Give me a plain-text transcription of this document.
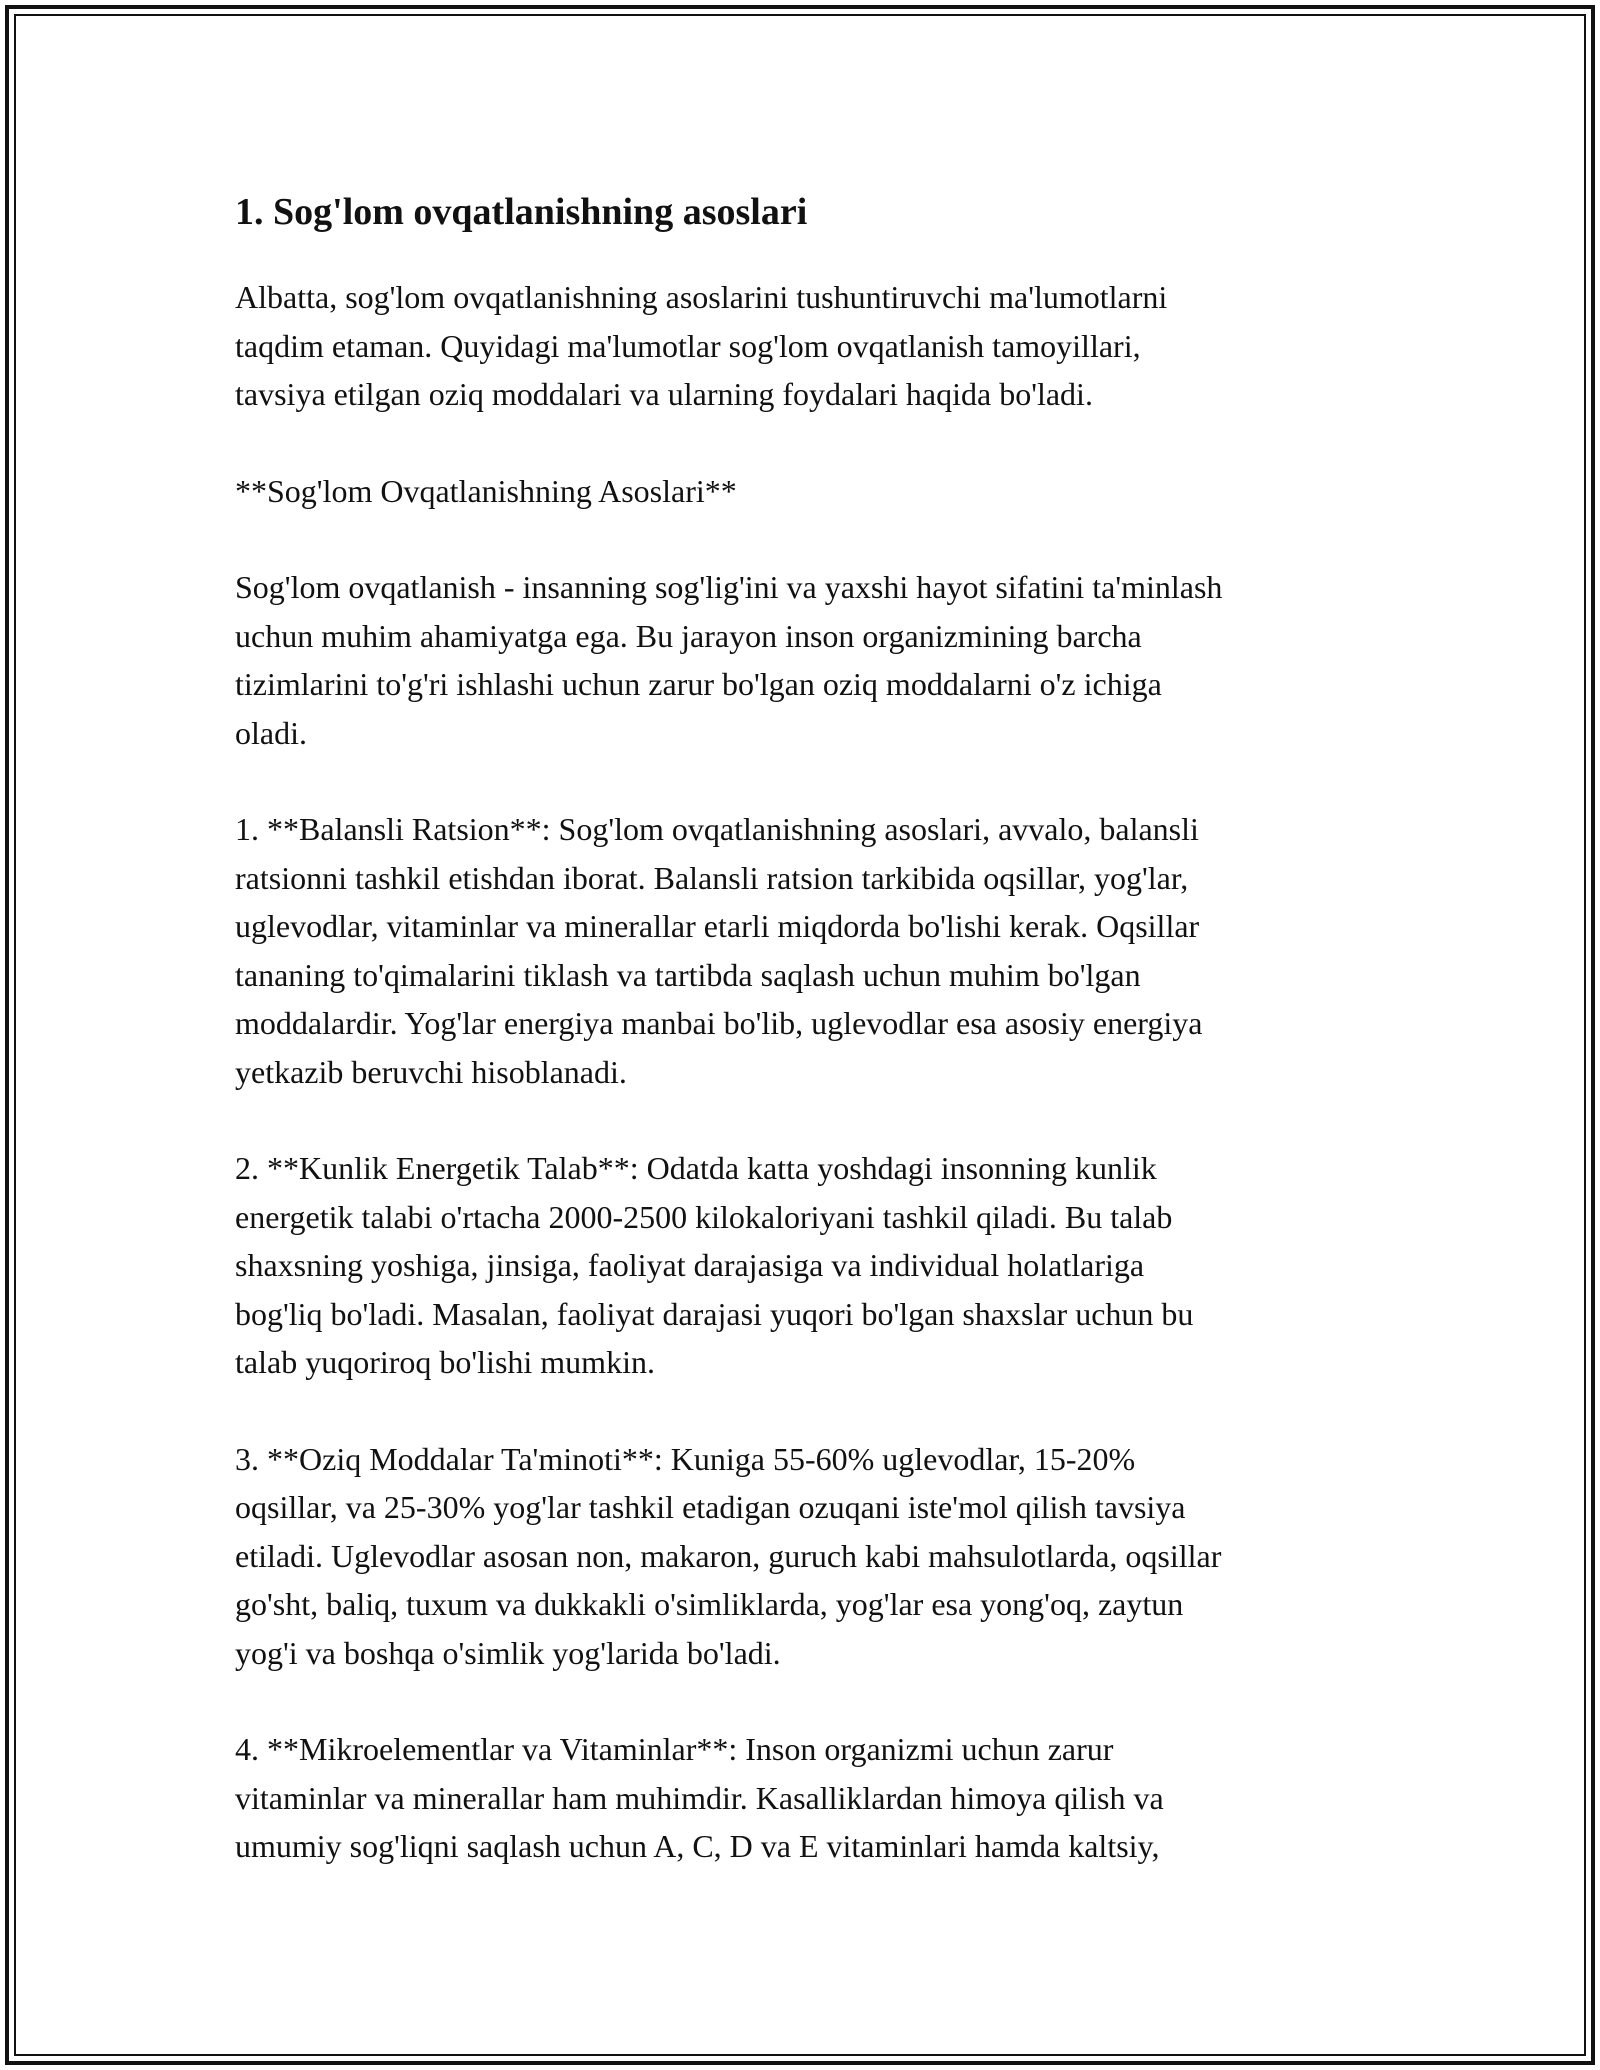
1. Sog'lom ovqatlanishning asoslari

Albatta, sog'lom ovqatlanishning asoslarini tushuntiruvchi ma'lumotlarni
taqdim etaman. Quyidagi ma'lumotlar sog'lom ovqatlanish tamoyillari,
tavsiya etilgan oziq moddalari va ularning foydalari haqida bo'ladi.

**Sog'lom Ovqatlanishning Asoslari**

Sog'lom ovqatlanish - insanning sog'lig'ini va yaxshi hayot sifatini ta'minlash
uchun muhim ahamiyatga ega. Bu jarayon inson organizmining barcha
tizimlarini to'g'ri ishlashi uchun zarur bo'lgan oziq moddalarni o'z ichiga
oladi.

1. **Balansli Ratsion**: Sog'lom ovqatlanishning asoslari, avvalo, balansli
ratsionni tashkil etishdan iborat. Balansli ratsion tarkibida oqsillar, yog'lar,
uglevodlar, vitaminlar va minerallar etarli miqdorda bo'lishi kerak. Oqsillar
tananing to'qimalarini tiklash va tartibda saqlash uchun muhim bo'lgan
moddalardir. Yog'lar energiya manbai bo'lib, uglevodlar esa asosiy energiya
yetkazib beruvchi hisoblanadi.

2. **Kunlik Energetik Talab**: Odatda katta yoshdagi insonning kunlik
energetik talabi o'rtacha 2000-2500 kilokaloriyani tashkil qiladi. Bu talab
shaxsning yoshiga, jinsiga, faoliyat darajasiga va individual holatlariga
bog'liq bo'ladi. Masalan, faoliyat darajasi yuqori bo'lgan shaxslar uchun bu
talab yuqoriroq bo'lishi mumkin.

3. **Oziq Moddalar Ta'minoti**: Kuniga 55-60% uglevodlar, 15-20%
oqsillar, va 25-30% yog'lar tashkil etadigan ozuqani iste'mol qilish tavsiya
etiladi. Uglevodlar asosan non, makaron, guruch kabi mahsulotlarda, oqsillar
go'sht, baliq, tuxum va dukkakli o'simliklarda, yog'lar esa yong'oq, zaytun
yog'i va boshqa o'simlik yog'larida bo'ladi.

4. **Mikroelementlar va Vitaminlar**: Inson organizmi uchun zarur
vitaminlar va minerallar ham muhimdir. Kasalliklardan himoya qilish va
umumiy sog'liqni saqlash uchun A, C, D va E vitaminlari hamda kaltsiy,
